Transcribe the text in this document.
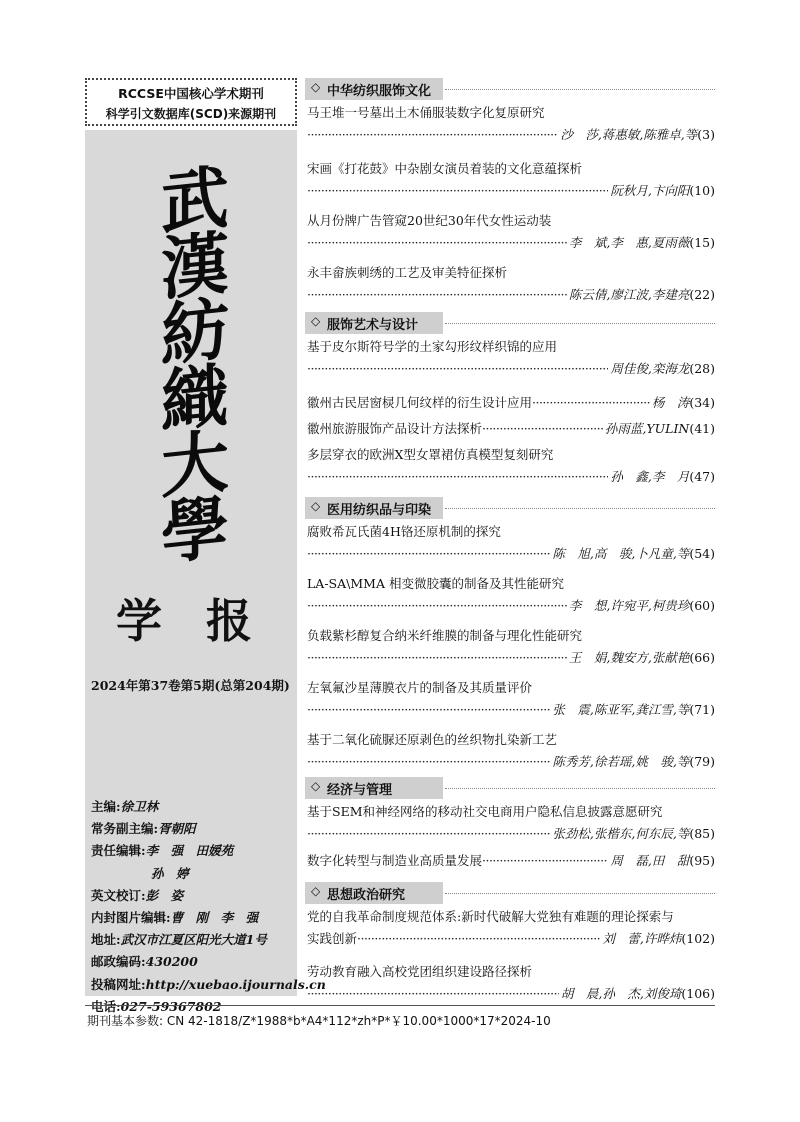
RCCSE中国核心学术期刊
科学引文数据库(SCD)来源期刊
武
漢
紡
織
大
學
学 报
2024年第37卷第5期(总第204期)
主编:徐卫林
常务副主编:胥朝阳
责任编辑:李　强　田媛苑
孙　婷
英文校订:彭　姿
内封图片编辑:曹　刚　李　强
地址:武汉市江夏区阳光大道1号
邮政编码:430200
投稿网址:http://xuebao.ijournals.cn
电话:027-59367802
◇ 中华纺织服饰文化
马王堆一号墓出土木俑服装数字化复原研究
·····
沙　莎,蒋惠敏,陈雅卓,等 (3)
宋画《打花鼓》中杂剧女演员着装的文化意蕴探析
·····
阮秋月,卞向阳 (10)
从月份牌广告管窥20世纪30年代女性运动装
·····
李　斌,李　惠,夏雨薇 (15)
永丰畲族刺绣的工艺及审美特征探析
·····
陈云倩,廖江波,李建亮 (22)
◇ 服饰艺术与设计
基于皮尔斯符号学的土家勾形纹样织锦的应用
·····
周佳俊,栾海龙 (28)
徽州古民居窗棂几何纹样的衍生设计应用 ·····	杨　涛 (34)
徽州旅游服饰产品设计方法探析 ·····	孙雨蓝,YULIN (41)
多层穿衣的欧洲X型女罩裙仿真模型复刻研究
·····
孙　鑫,李　月 (47)
◇ 医用纺织品与印染
腐败希瓦氏菌4H铬还原机制的探究
·····
陈　旭,高　骏,卜凡童,等 (54)
LA-SA\MMA 相变微胶囊的制备及其性能研究
·····
李　想,许宛平,柯贵珍 (60)
负载紫杉醇复合纳米纤维膜的制备与理化性能研究
·····
王　娟,魏安方,张献艳 (66)
左氧氟沙星薄膜衣片的制备及其质量评价
·····
张　震,陈亚军,龚江雪,等 (71)
基于二氧化硫脲还原剥色的丝织物扎染新工艺
·····
陈秀芳,徐若瑶,姚　骏,等 (79)
◇ 经济与管理
基于SEM和神经网络的移动社交电商用户隐私信息披露意愿研究
·····
张劲松,张楷东,何东辰,等 (85)
数字化转型与制造业高质量发展 ·····	周　磊,田　甜 (95)
◇ 思想政治研究
党的自我革命制度规范体系:新时代破解大党独有难题的理论探索与
实践创新 ·····	刘　蕾,许晔炜 (102)
劳动教育融入高校党团组织建设路径探析
·····
胡　晨,孙　杰,刘俊琦 (106)
期刊基本参数: CN 42-1818/Z*1988*b*A4*112*zh*P*￥10.00*1000*17*2024-10
